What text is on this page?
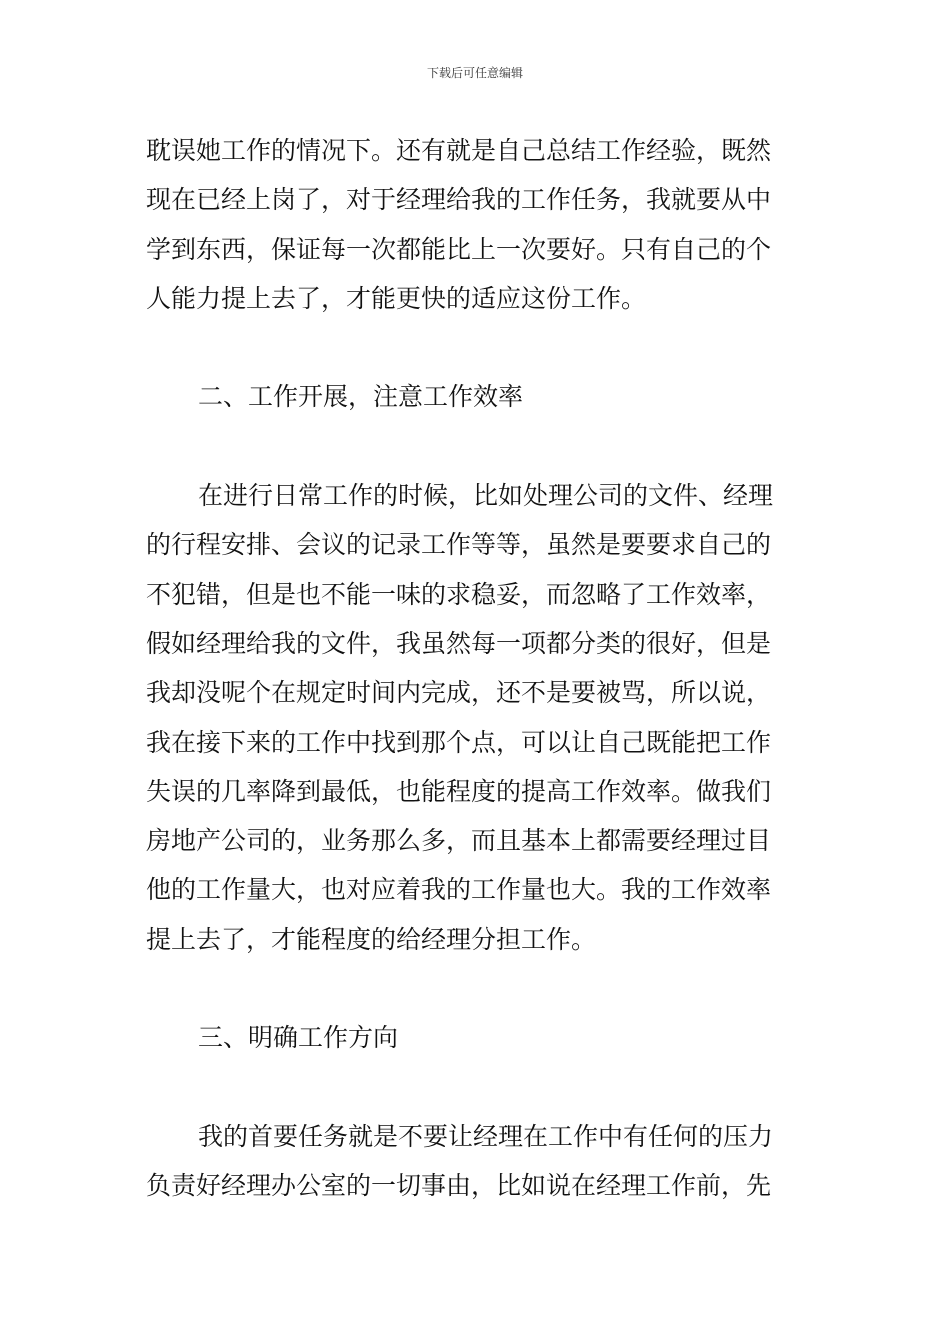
下载后可任意编辑
耽误她工作的情况下。还有就是自己总结工作经验，既然
现在已经上岗了，对于经理给我的工作任务，我就要从中
学到东西，保证每一次都能比上一次要好。只有自己的个
人能力提上去了，才能更快的适应这份工作。
二、工作开展，注意工作效率
在进行日常工作的时候，比如处理公司的文件、经理
的行程安排、会议的记录工作等等，虽然是要要求自己的
不犯错，但是也不能一味的求稳妥，而忽略了工作效率，
假如经理给我的文件，我虽然每一项都分类的很好，但是
我却没呢个在规定时间内完成，还不是要被骂，所以说，
我在接下来的工作中找到那个点，可以让自己既能把工作
失误的几率降到最低，也能程度的提高工作效率。做我们
房地产公司的，业务那么多，而且基本上都需要经理过目
他的工作量大，也对应着我的工作量也大。我的工作效率
提上去了，才能程度的给经理分担工作。
三、明确工作方向
我的首要任务就是不要让经理在工作中有任何的压力
负责好经理办公室的一切事由，比如说在经理工作前，先
